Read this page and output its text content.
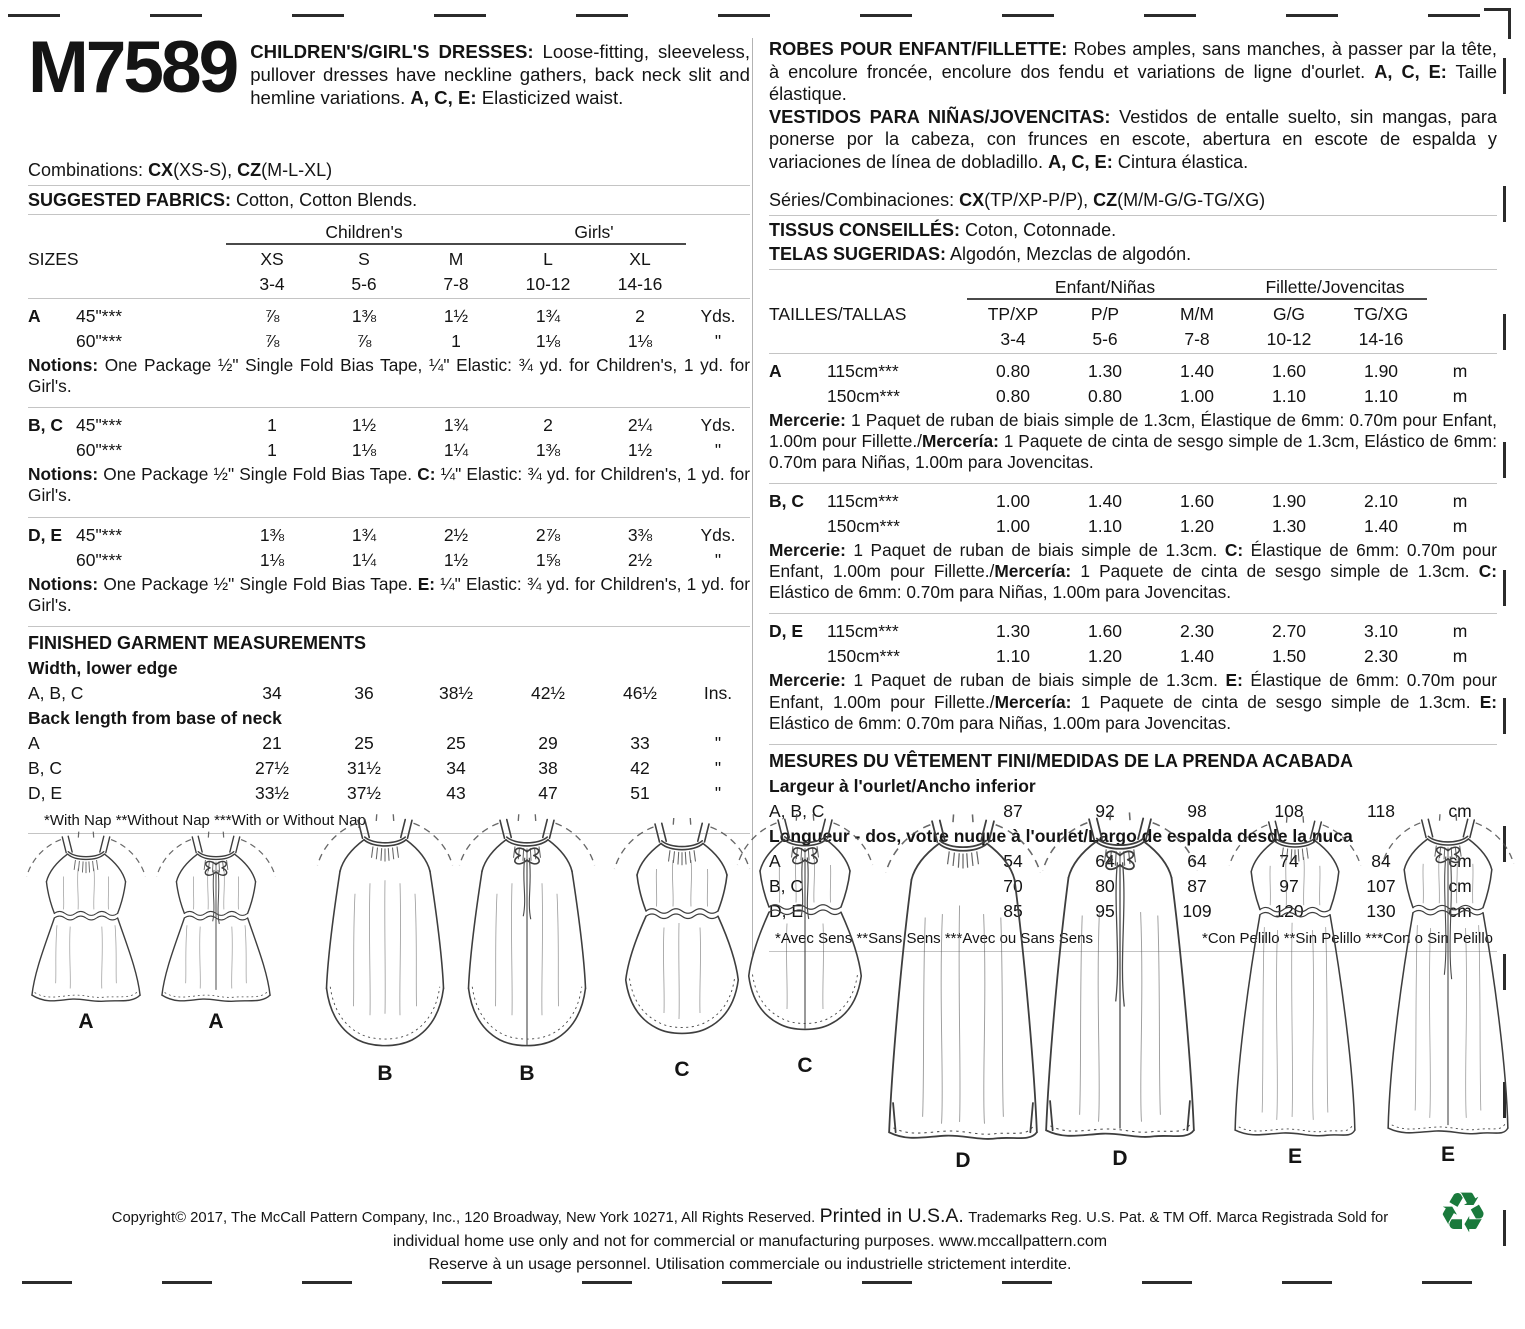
M7589 CHILDREN'S/GIRL'S DRESSES: Loose-fitting, sleeveless, pullover dresses have neckline gathers, back neck slit and hemline variations. A, C, E: Elasticized waist.

Combinations: CX(XS-S), CZ(M-L-XL)

SUGGESTED FABRICS: Cotton, Cotton Blends.

	Children's			Girls'		
SIZES	XS	S	M	L	XL	
	3-4	5-6	7-8	10-12	14-16	
A	45"***	⅞	1⅜	1½	1¾	2	Yds.
	60"***	⅞	⅞	1	1⅛	1⅛	"

Notions: One Package ½" Single Fold Bias Tape, ¼" Elastic: ¾ yd. for Children's, 1 yd. for Girl's.

B, C	45"***	1	1½	1¾	2	2¼	Yds.
	60"***	1	1⅛	1¼	1⅜	1½	"

Notions: One Package ½" Single Fold Bias Tape. C: ¼" Elastic: ¾ yd. for Children's, 1 yd. for Girl's.

D, E	45"***	1⅜	1¾	2½	2⅞	3⅜	Yds.
	60"***	1⅛	1¼	1½	1⅝	2½	"

Notions: One Package ½" Single Fold Bias Tape. E: ¼" Elastic: ¾ yd. for Children's, 1 yd. for Girl's.

FINISHED GARMENT MEASUREMENTS
Width, lower edge						
A, B, C	34	36	38½	42½	46½	Ins.
Back length from base of neck						
A	21	25	25	29	33	"
B, C	27½	31½	34	38	42	"
D, E	33½	37½	43	47	51	"
*With Nap **Without Nap ***With or Without Nap

ROBES POUR ENFANT/FILLETTE: Robes amples, sans manches, à passer par la tête, à encolure froncée, encolure dos fendu et variations de ligne d'ourlet. A, C, E: Taille élastique.

VESTIDOS PARA NIÑAS/JOVENCITAS: Vestidos de entalle suelto, sin mangas, para ponerse por la cabeza, con frunces en escote, abertura en escote de espalda y variaciones de línea de dobladillo. A, C, E: Cintura élastica.

Séries/Combinaciones: CX(TP/XP-P/P), CZ(M/M-G/G-TG/XG)

TISSUS CONSEILLÉS: Coton, Cotonnade.

TELAS SUGERIDAS: Algodón, Mezclas de algodón.

	Enfant/Niñas			Fillette/Jovencitas		
TAILLES/TALLAS	TP/XP	P/P	M/M	G/G	TG/XG	
	3-4	5-6	7-8	10-12	14-16	
A	115cm***	0.80	1.30	1.40	1.60	1.90	m
	150cm***	0.80	0.80	1.00	1.10	1.10	m

Mercerie: 1 Paquet de ruban de biais simple de 1.3cm, Élastique de 6mm: 0.70m pour Enfant, 1.00m pour Fillette./Mercería: 1 Paquete de cinta de sesgo simple de 1.3cm, Elástico de 6mm: 0.70m para Niñas, 1.00m para Jovencitas.

B, C	115cm***	1.00	1.40	1.60	1.90	2.10	m
	150cm***	1.00	1.10	1.20	1.30	1.40	m

Mercerie: 1 Paquet de ruban de biais simple de 1.3cm. C: Élastique de 6mm: 0.70m pour Enfant, 1.00m pour Fillette./Mercería: 1 Paquete de cinta de sesgo simple de 1.3cm. C: Elástico de 6mm: 0.70m para Niñas, 1.00m para Jovencitas.

D, E	115cm***	1.30	1.60	2.30	2.70	3.10	m
	150cm***	1.10	1.20	1.40	1.50	2.30	m

Mercerie: 1 Paquet de ruban de biais simple de 1.3cm. E: Élastique de 6mm: 0.70m pour Enfant, 1.00m pour Fillette./Mercería: 1 Paquete de cinta de sesgo simple de 1.3cm. E: Elástico de 6mm: 0.70m para Niñas, 1.00m para Jovencitas.

MESURES DU VÊTEMENT FINI/MEDIDAS DE LA PRENDA ACABADA
Largeur à l'ourlet/Ancho inferior						
A, B, C	87	92	98	108	118	cm
Longueur - dos, votre nuque à l'ourlet/Largo de espalda desde la nuca						
A	54	64	64	74	84	cm
B, C	70	80	87	97	107	cm
D, E	85	95	109	120	130	cm
*Avec Sens **Sans Sens ***Avec ou Sans Sens	*Con Pelillo **Sin Pelillo ***Con o Sin Pelillo
A	A
B	B	C	C
D	D	E	E
Copyright© 2017, The McCall Pattern Company, Inc., 120 Broadway, New York 10271, All Rights Reserved. Printed in U.S.A. Trademarks Reg. U.S. Pat. & TM Off. Marca Registrada Sold for
individual home use only and not for commercial or manufacturing purposes. www.mccallpattern.com
Reserve à un usage personnel. Utilisation commerciale ou industrielle strictement interdite.
♻
